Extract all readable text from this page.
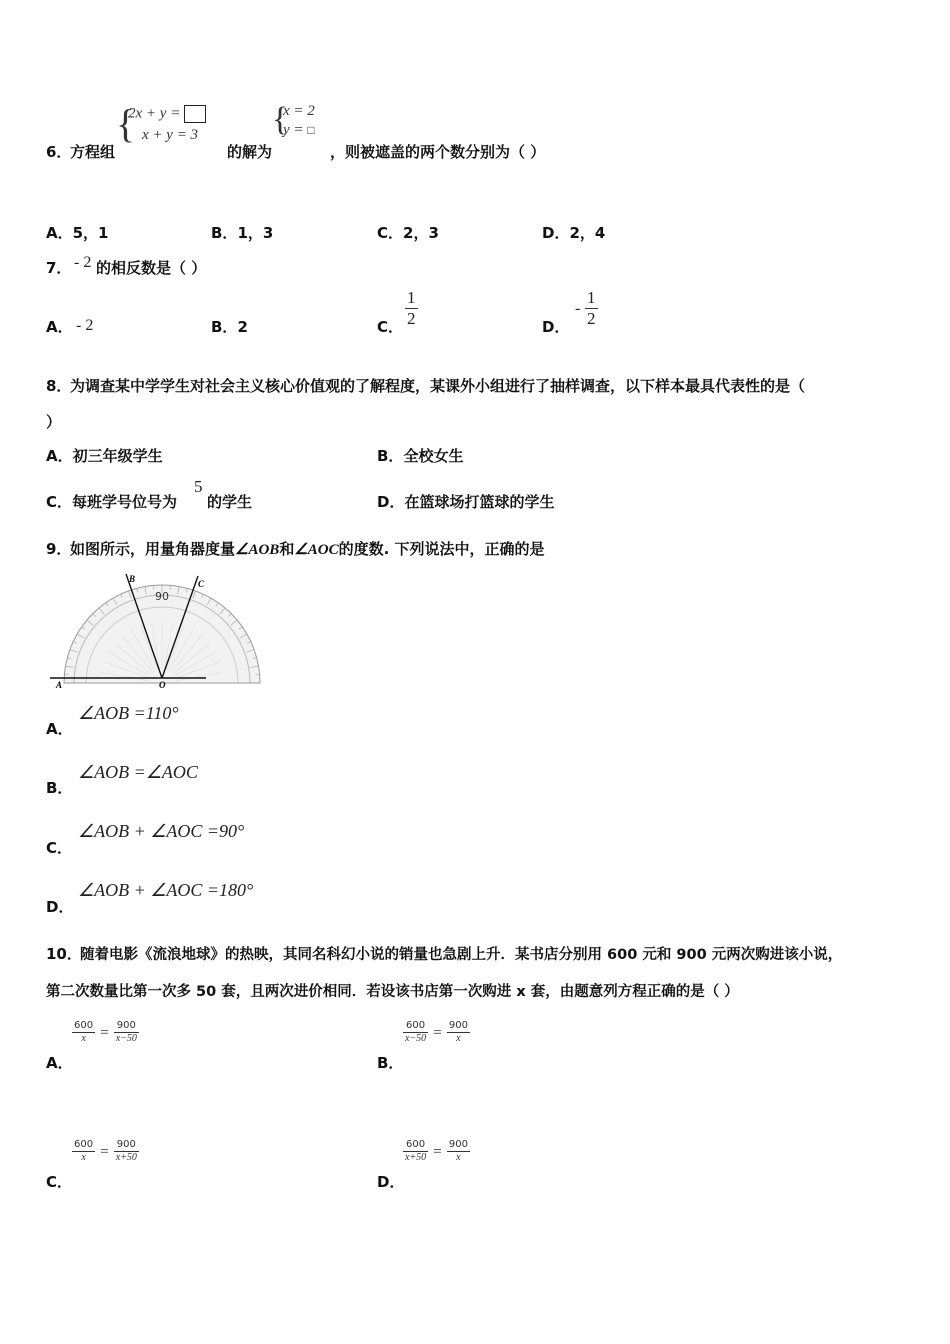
6．
方程组
{
2x + y =
x + y = 3
的解为
{
x = 2
y = □
，则被遮盖的两个数分别为（ ）
A．5，1	B．1，3	C．2，3	D．2，4
7． - 2 的相反数是（ ）
A． - 2	B．2	C． $\frac{1}{2}$	D．
- $\frac{1}{2}$
8．
为调查某中学学生对社会主义核心价值观的了解程度，某课外小组进行了抽样调查，以下样本最具代表性的是（
）
A．初三年级学生	B．全校女生
C．每班学号位号为
5
的学生	D．在篮球场打篮球的学生
9．
如图所示，用量角器度量∠AOB和∠AOC的度数. 下列说法中，正确的是
90
A	O
B	C
A．
∠AOB =110°
B．
∠AOB =∠AOC
C．
∠AOB + ∠AOC =90°
D．
∠AOB + ∠AOC =180°
10．
随着电影《流浪地球》的热映，其同名科幻小说的销量也急剧上升．某书店分别用 600 元和 900 元两次购进该小说，
第二次数量比第一次多 50 套，且两次进价相同．若设该书店第一次购进 x 套，由题意列方程正确的是（ ）
A．
$\frac{600}{x} = \frac{900}{x-50}$
B．
$\frac{600}{x-50} = \frac{900}{x}$
C．
$\frac{600}{x} = \frac{900}{x+50}$
D．
$\frac{600}{x+50} = \frac{900}{x}$
